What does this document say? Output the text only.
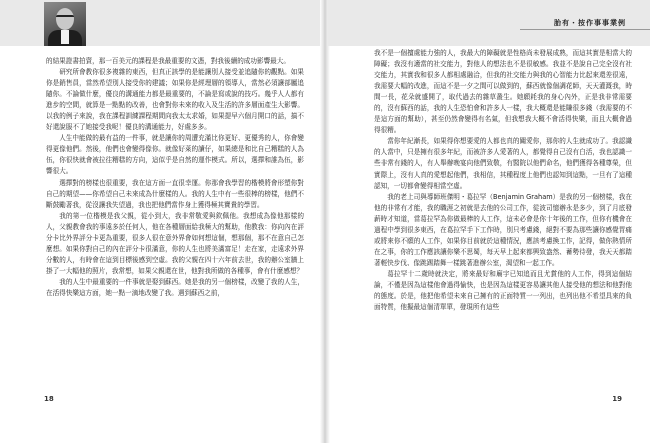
的結果證書拍賣，那一百美元的課程是我最重要的文憑，對我後續的成功影響最大。

研究所會教你很多複雜的東西，但真正該學的是能讓別人接受並追隨你的觀點。如果你是銷售員，當然希望別人接受你的建議；如果你是經理層的領導人，當然必須讓部屬追隨你。不論做什麼，優良的溝通能力都是最重要的，不論是寫或說的技巧。幾乎人人都有進步的空間，就算是一點點的改善，也會對你未來的收入及生活的許多層面產生大影響。以我的例子來說，我在課程訓練課程期間向我太太求婚，如果提早六個月開口的話，搞不好還說服不了她接受我呢！優良的溝通能力，好處多多。

人生中能做的最有益的一件事，就是讓你的周遭充滿比你更好、更優秀的人，你會變得更像他們。然後，他們也會變得像你。就像好萊的讀仔，如果總是和比自己糟糕的人為伍，你很快就會被拉往糟糕的方向，這似乎是自然的運作模式。所以，選擇和誰為伍，影響很大。

選擇對的榜樣也很重要，我在這方面一直很幸運。你那會我學習的楷模將會形塑你對自己的期望——你希望自己未來成為什麼樣的人。我的人生中有一些很棒的榜樣，他們不斷鼓勵著我，從沒讓我失望過，我也把他們當作身上獲得極其寶貴的學習。

我的第一位楷模是我父親，從小到大，我非常敬愛與欽佩他。我想成為像他那樣的人，父親教會我的事遠多於任何人，他在各種層面給我極大的幫助，他教我：你向內在評分卡比外界評分卡更為重要，很多人很在意外界會如何想這個，想那個，那不在意自己怎麼想。如果你對自己的內在評分卡很滿意，你的人生也將美滿富足！走在家，走遠求外界分數的人，有時會在這到目標後感到空虛。我的父親在四十六年前去世，我的辦公室牆上掛了一大幅他的照片，我常想，如果父親還在世，他對我所做的各種事，會有什麼感想？

我的人生中最重要的一件事就是娶到蘇西。她是我的另一個榜樣，改變了我的人生，在活得快樂這方面，她一點一滴地改變了我。遇到蘇西之前，

18
胎有・按作事事業例

我不是一個擅處能力強的人，我最大的障礙就是性格尚未發展成熟，而這其實是相當大的障礙；我沒有適當的社交能力，對他人的想法也不是很敏感。我並不是說自己完全沒有社交能力，其實我和很多人都相處融洽，但我的社交能力與我的心智能力比起來還差很遠，我需要大幅的改進，而這不是一夕之間可以做到的，蘇西就像個調花師，天天灌溉我，時間一長，花朵就盛開了，取代過去的雜草叢生。她願耗我的身心內外，正是我非常需要的，沒有蘇西的話，我的人生恐怕會和許多人一樣，我大概還是能賺很多錢（我需要的不是這方面的幫助），甚至仍然會變得有名氣，但我想我大概不會活得快樂，而且大概會過得很糟。

當你年紀漸長，如果得你想要愛的人都也真的關愛你，那你的人生就成功了。我認識的人當中，只是擁有很多年紀，而被許多人愛著的人，都覺得自己沒有白活，我也認識一些非常有錢的人，有人舉辦晚宴向他們致敬，有醫院以他們命名，他們獲得各種尊榮，但實際上，沒有人真的愛想起他們，我相信，其種程度上他們也認知到這點，一旦有了這種認知，一切都會變得相當空虛。

我的老上司與導師班傑明・葛拉罕（Benjamin Graham）是我的另一個榜樣，我在他的非常有才能，我的職涯之初就是去他的公司工作，從波司憶辦永是多少，到了月底發薪時才知道，當葛拉罕為你做最棒的人工作，這未必會是你十年後的工作，但你有機會在過程中學到很多東西，在葛拉罕手下工作時，別只考慮錢，絕對不要為那些讓你感覺胃痛或將來你不願的人工作，如果你目前就於這種情況，應該考慮換工作，記得，做你熱情所在之事，你的工作應該讓你樂不思蜀，每天早上起來都興致盎然、蓄勢待發，我天天都踏著輕快步伐、像跳踢踏舞一樣跳著進辦公室，渴望和一起工作。

葛拉罕十二歲時就決定，將來最好和廟宇已知追而且尤賞他的人工作，得到這個結論，不僅是因為這樣他會過得愉快，也是因為這樣更容易讓其他人接受他的想法和他對他的態度。於是，他把他希望未來自己擁有的正面特質一一列出，也列出他不希望具來的負面特質，他擬最這個清單單，發現所有這些

19
